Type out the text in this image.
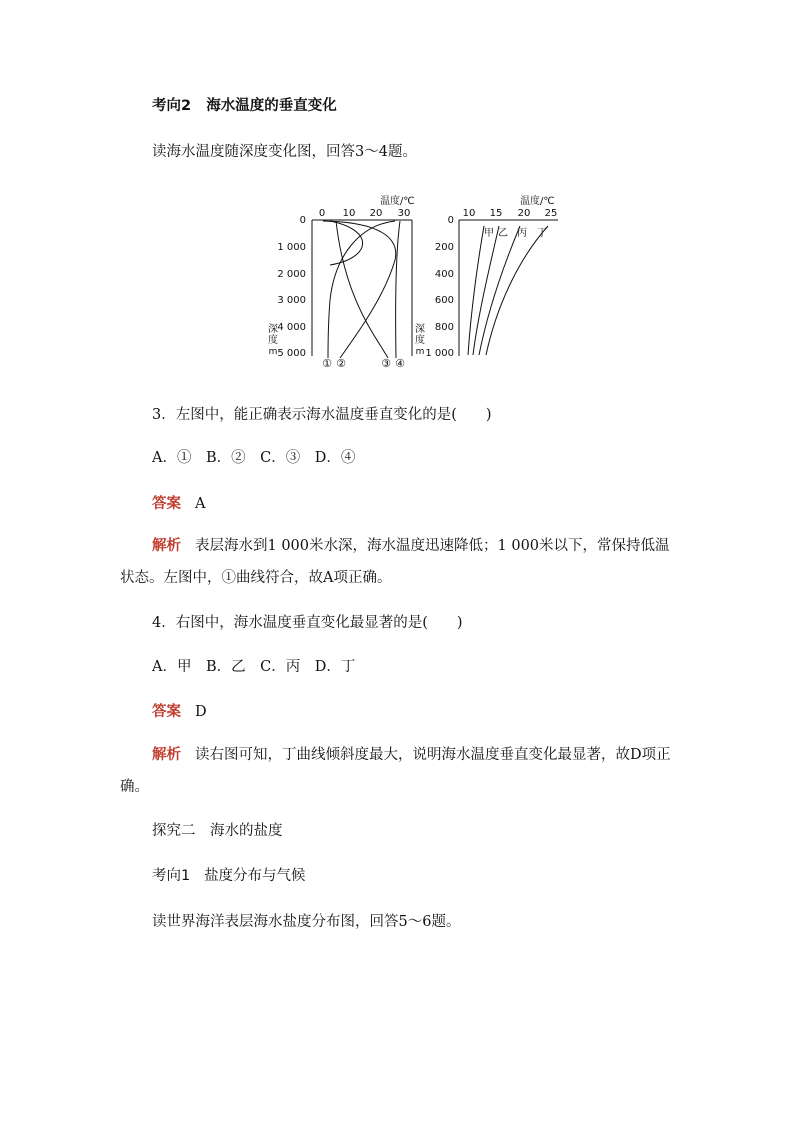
考向2 海水温度的垂直变化
读海水温度随深度变化图，回答3～4题。
温度/℃
0 10 20 30
0
1 000
2 000
3 000
4 000
5 000
深
度
m
① ②	③ ④
温度/℃
10 15 20 25
0
200
400
600
800
1 000
深
度
m
甲 乙 丙 丁
3．左图中，能正确表示海水温度垂直变化的是(　　)
A．①　B．②　C．③　D．④
答案 A
解析 表层海水到1 000米水深，海水温度迅速降低；1 000米以下，常保持低温状态。左图中，①曲线符合，故A项正确。
4．右图中，海水温度垂直变化最显著的是(　　)
A．甲　B．乙　C．丙　D．丁
答案 D
解析 读右图可知，丁曲线倾斜度最大，说明海水温度垂直变化最显著，故D项正确。
探究二　海水的盐度
考向1 盐度分布与气候
读世界海洋表层海水盐度分布图，回答5～6题。
